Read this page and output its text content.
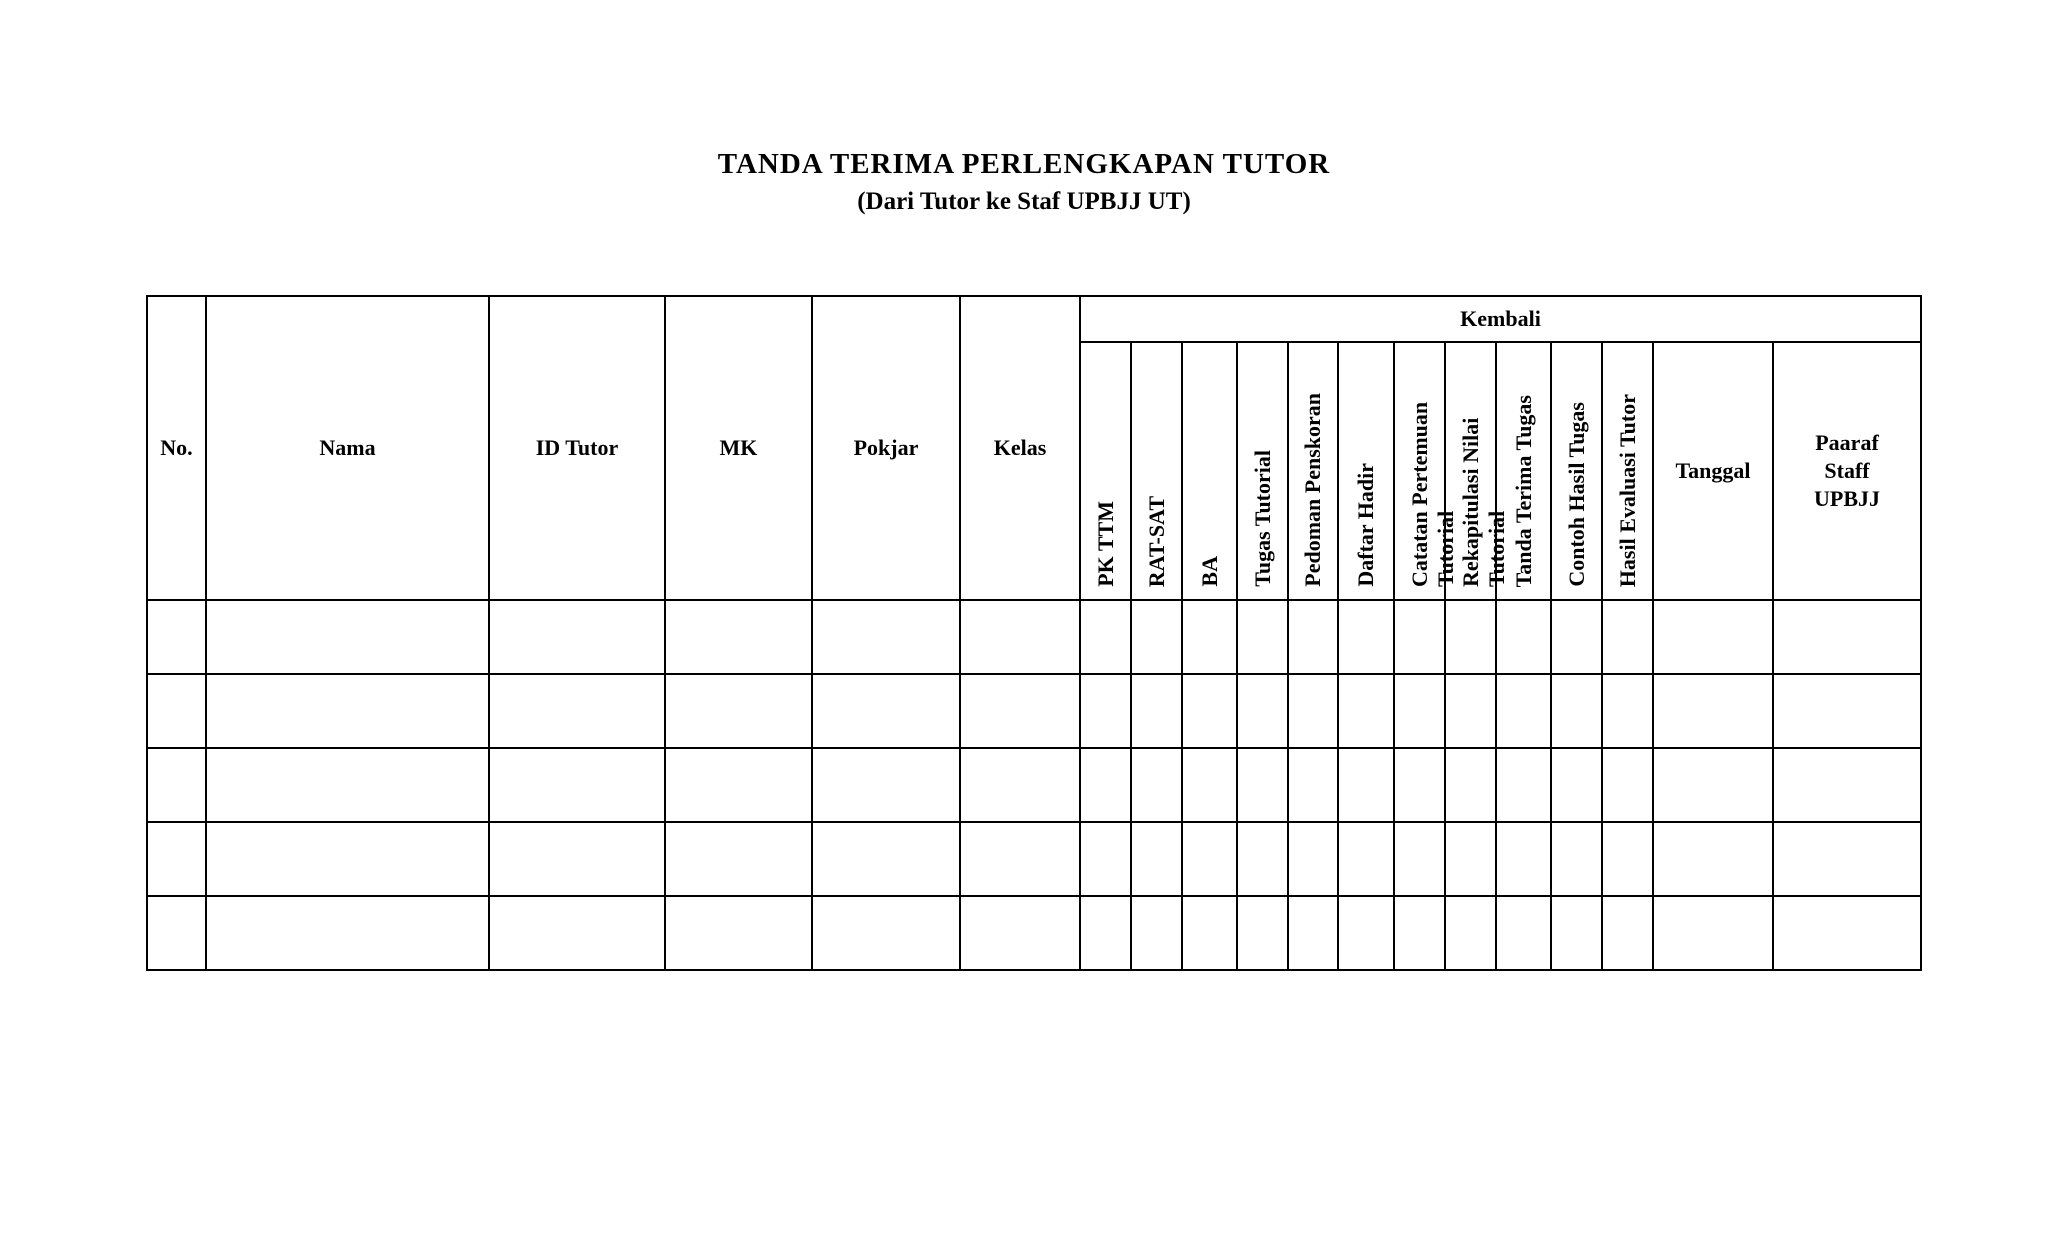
TANDA TERIMA PERLENGKAPAN TUTOR
(Dari Tutor ke Staf UPBJJ UT)
No.	Nama	ID Tutor	MK	Pokjar	Kelas	Kembali												

						PK TTM	RAT-SAT	BA	Tugas Tutorial	Pedoman Penskoran	Daftar Hadir	Catatan Pertemuan Tutorial	Rekapitulasi Nilai Tutorial	Tanda Terima Tugas	Contoh Hasil Tugas	Hasil Evaluasi Tutor	Tanggal	Paaraf
Staff
UPBJJ
